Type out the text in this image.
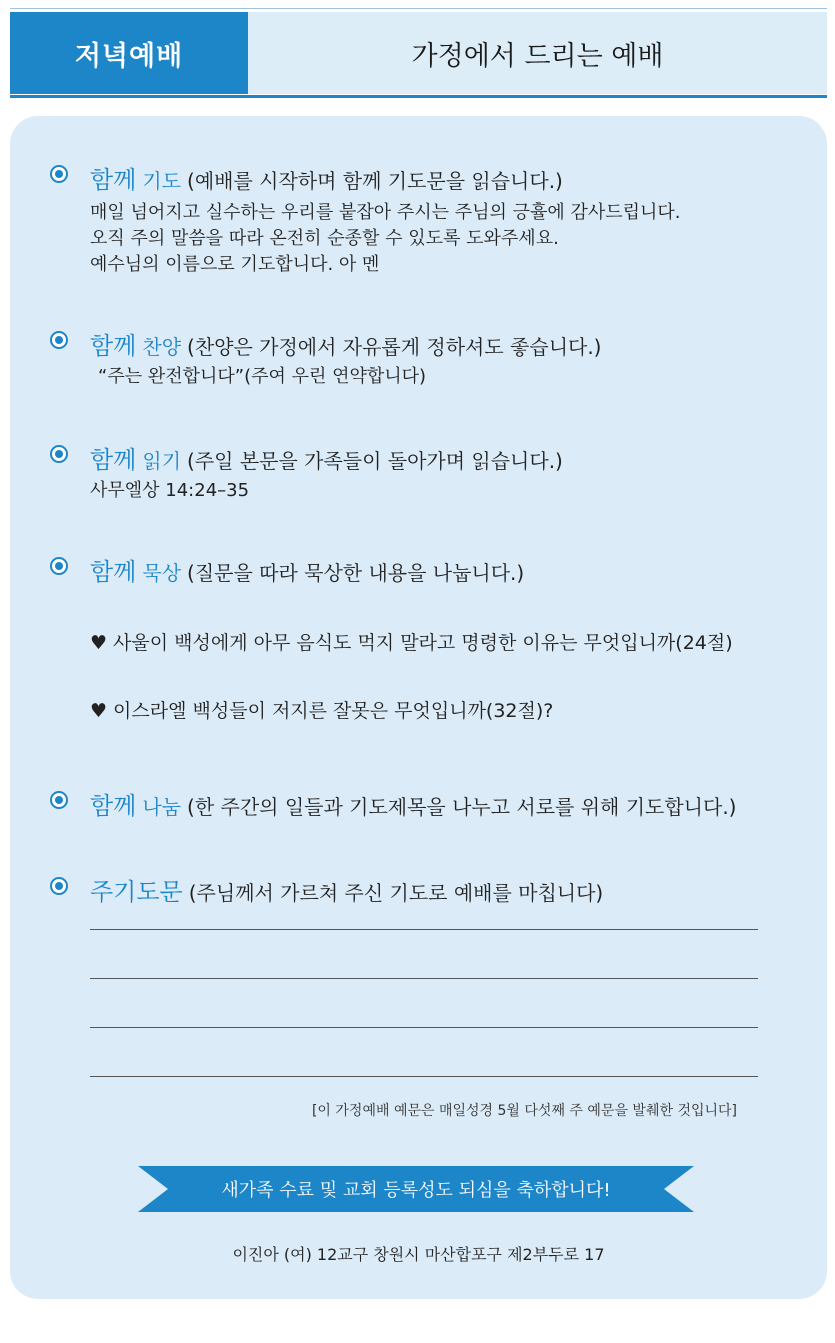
저녁예배	가정에서 드리는 예배
함께 기도 (예배를 시작하며 함께 기도문을 읽습니다.)
매일 넘어지고 실수하는 우리를 붙잡아 주시는 주님의 긍휼에 감사드립니다.
오직 주의 말씀을 따라 온전히 순종할 수 있도록 도와주세요.
예수님의 이름으로 기도합니다. 아 멘
함께 찬양 (찬양은 가정에서 자유롭게 정하셔도 좋습니다.)
“주는 완전합니다”(주여 우린 연약합니다)
함께 읽기 (주일 본문을 가족들이 돌아가며 읽습니다.)
사무엘상 14:24–35
함께 묵상 (질문을 따라 묵상한 내용을 나눕니다.)
♥ 사울이 백성에게 아무 음식도 먹지 말라고 명령한 이유는 무엇입니까(24절)
♥ 이스라엘 백성들이 저지른 잘못은 무엇입니까(32절)?
함께 나눔 (한 주간의 일들과 기도제목을 나누고 서로를 위해 기도합니다.)
주기도문 (주님께서 가르쳐 주신 기도로 예배를 마칩니다)
[이 가정예배 예문은 매일성경 5월 다섯째 주 예문을 발췌한 것입니다]
새가족 수료 및 교회 등록성도 되심을 축하합니다!
이진아 (여) 12교구 창원시 마산합포구 제2부두로 17
